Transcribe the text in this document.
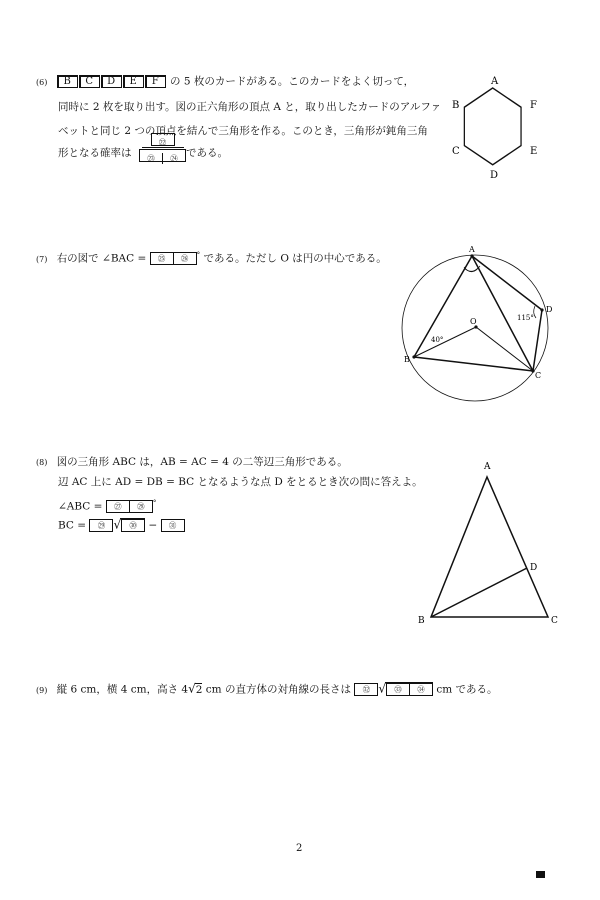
(6) B C D E F の 5 枚のカードがある。このカードをよく切って，
同時に 2 枚を取り出す。図の正六角形の頂点 A と，取り出したカードのアルファ
ベットと同じ 2 つの頂点を結んで三角形を作る。このとき，三角形が鈍角三角
形となる確率は
㉒
㉓ ㉔ である。
A
B
C
D
E
F
(7) 右の図で ∠BAC = ㉕ ㉖ ° である。ただし O は円の中心である。
A
B
C
D
O
40°
115°
(8) 図の三角形 ABC は，AB = AC = 4 の二等辺三角形である。
辺 AC 上に AD = DB = BC となるような点 D をとるとき次の問に答えよ。
∠ABC = ㉗ ㉘ °
BC = ㉙ √ ㉚ − ㉛
A
B	C
D
(9) 縦 6 cm，横 4 cm，高さ 4√2 cm の直方体の対角線の長さは ㉜ √ ㉝ ㉞ cm である。
2
